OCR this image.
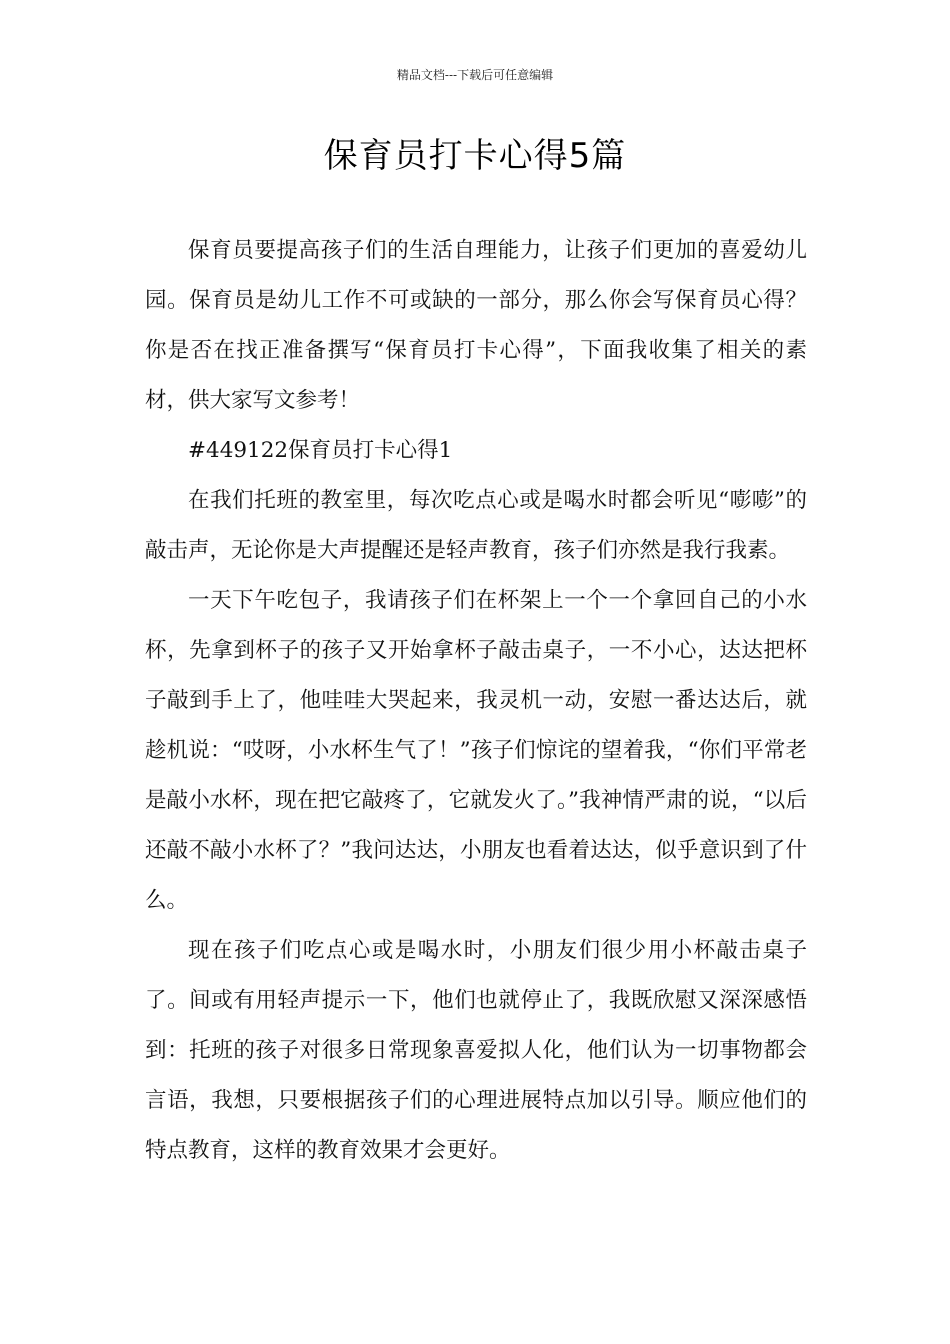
精品文档---下载后可任意编辑
保育员打卡心得5篇

保育员要提高孩子们的生活自理能力，让孩子们更加的喜爱幼儿园。保育员是幼儿工作不可或缺的一部分，那么你会写保育员心得？你是否在找正准备撰写“保育员打卡心得”，下面我收集了相关的素材，供大家写文参考！

#449122保育员打卡心得1

在我们托班的教室里，每次吃点心或是喝水时都会听见“嘭嘭”的敲击声，无论你是大声提醒还是轻声教育，孩子们亦然是我行我素。

一天下午吃包子，我请孩子们在杯架上一个一个拿回自己的小水杯，先拿到杯子的孩子又开始拿杯子敲击桌子，一不小心，达达把杯子敲到手上了，他哇哇大哭起来，我灵机一动，安慰一番达达后，就趁机说：“哎呀，小水杯生气了！”孩子们惊诧的望着我，“你们平常老是敲小水杯，现在把它敲疼了，它就发火了。”我神情严肃的说，“以后还敲不敲小水杯了？”我问达达，小朋友也看着达达，似乎意识到了什么。

现在孩子们吃点心或是喝水时，小朋友们很少用小杯敲击桌子了。间或有用轻声提示一下，他们也就停止了，我既欣慰又深深感悟到：托班的孩子对很多日常现象喜爱拟人化，他们认为一切事物都会言语，我想，只要根据孩子们的心理进展特点加以引导。顺应他们的特点教育，这样的教育效果才会更好。
